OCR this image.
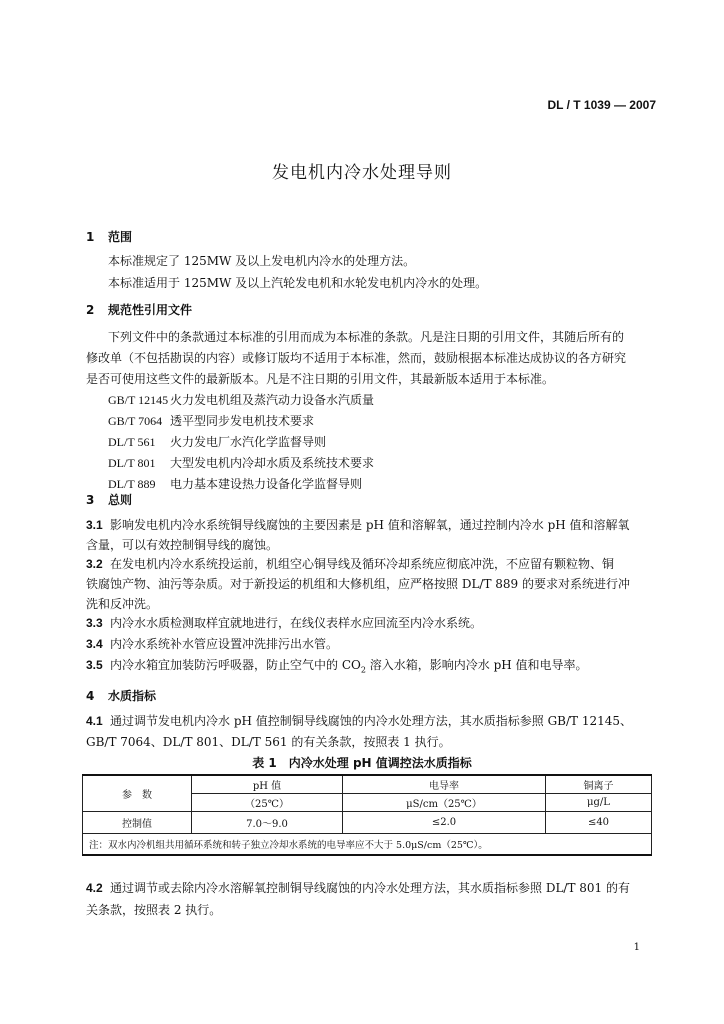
DL / T 1039 — 2007
发电机内冷水处理导则
1 范围
本标准规定了 125MW 及以上发电机内冷水的处理方法。
本标准适用于 125MW 及以上汽轮发电机和水轮发电机内冷水的处理。
2 规范性引用文件
下列文件中的条款通过本标准的引用而成为本标准的条款。凡是注日期的引用文件，其随后所有的
修改单（不包括勘误的内容）或修订版均不适用于本标准，然而，鼓励根据本标准达成协议的各方研究
是否可使用这些文件的最新版本。凡是不注日期的引用文件，其最新版本适用于本标准。
GB/T 12145 火力发电机组及蒸汽动力设备水汽质量
GB/T 7064 透平型同步发电机技术要求
DL/T 561 火力发电厂水汽化学监督导则
DL/T 801 大型发电机内冷却水质及系统技术要求
DL/T 889 电力基本建设热力设备化学监督导则
3 总则
3.1 影响发电机内冷水系统铜导线腐蚀的主要因素是 pH 值和溶解氧，通过控制内冷水 pH 值和溶解氧
含量，可以有效控制铜导线的腐蚀。
3.2 在发电机内冷水系统投运前，机组空心铜导线及循环冷却系统应彻底冲洗，不应留有颗粒物、铜
铁腐蚀产物、油污等杂质。对于新投运的机组和大修机组，应严格按照 DL/T 889 的要求对系统进行冲
洗和反冲洗。
3.3 内冷水水质检测取样宜就地进行，在线仪表样水应回流至内冷水系统。
3.4 内冷水系统补水管应设置冲洗排污出水管。
3.5 内冷水箱宜加装防污呼吸器，防止空气中的 $CO_2$ 溶入水箱，影响内冷水 pH 值和电导率。
4 水质指标
4.1 通过调节发电机内冷水 pH 值控制铜导线腐蚀的内冷水处理方法，其水质指标参照 GB/T 12145、
表 1　内冷水处理 pH 值调控法水质指标
参　数	pH 值	电导率	铜离子
	（25℃）	μS/cm（25℃）	μg/L
控制值	7.0～9.0	≤2.0	≤40
注：双水内冷机组共用循环系统和转子独立冷却水系统的电导率应不大于 5.0μS/cm（25℃）。			
4.2 通过调节或去除内冷水溶解氧控制铜导线腐蚀的内冷水处理方法，其水质指标参照 DL/T 801 的有
关条款，按照表 2 执行。
1
GB/T 7064、DL/T 801、DL/T 561 的有关条款，按照表 1 执行。
